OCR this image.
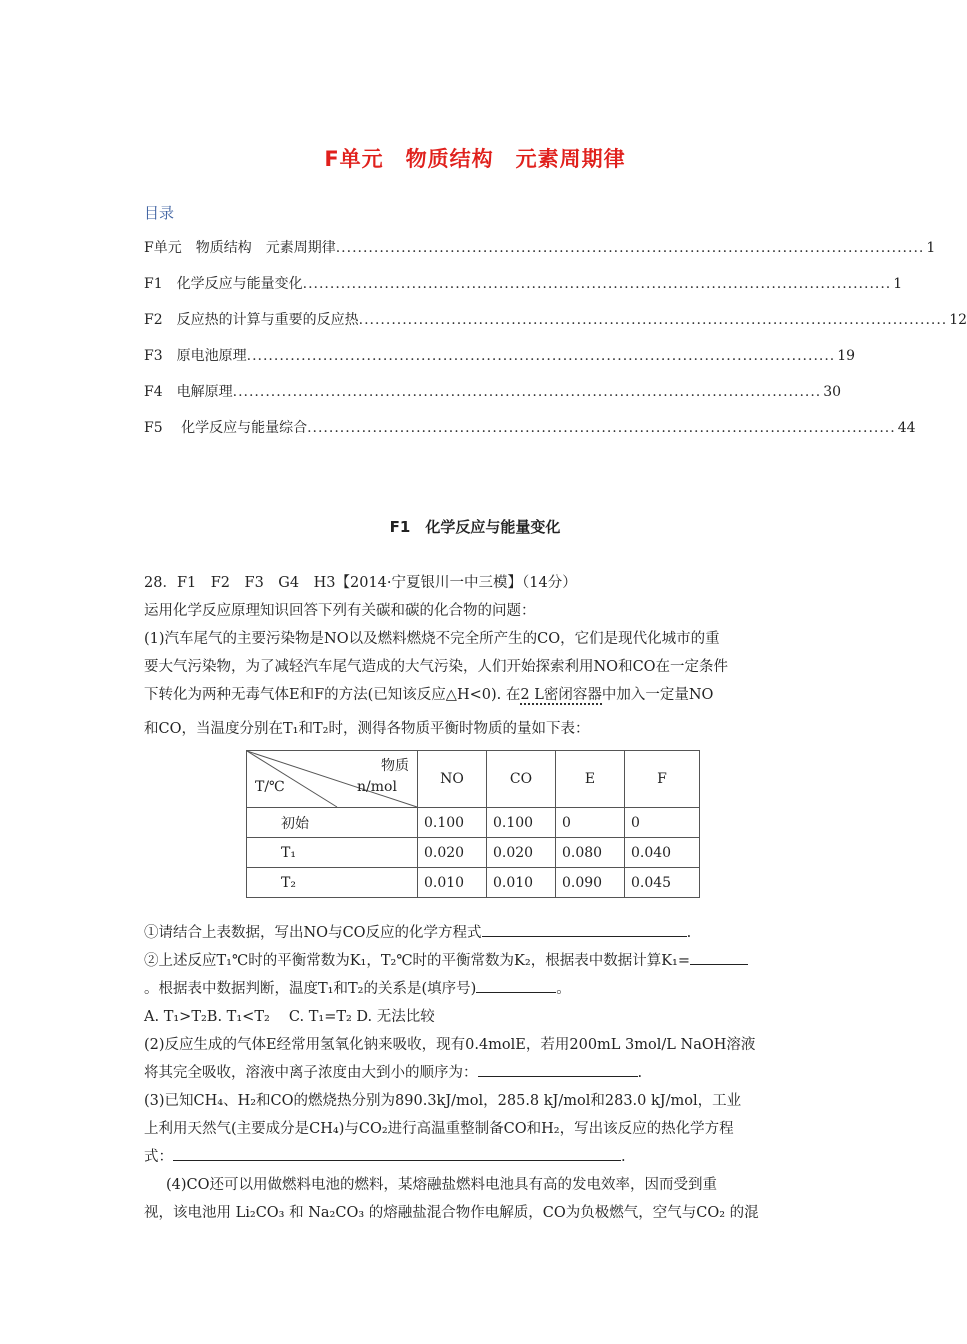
F单元　物质结构　元素周期律
目录
F单元　物质结构　元素周期律 ............................................................................................................ 1
F1　化学反应与能量变化 ............................................................................................................ 1
F2　反应热的计算与重要的反应热 ............................................................................................................ 12
F3　原电池原理 ............................................................................................................ 19
F4　电解原理 ............................................................................................................ 30
F5　 化学反应与能量综合 ............................................................................................................ 44
F1　化学反应与能量变化
28．F1　F2　F3　G4　H3【2014·宁夏银川一中三模】（14分）
运用化学反应原理知识回答下列有关碳和碳的化合物的问题：
(1)汽车尾气的主要污染物是NO以及燃料燃烧不完全所产生的CO，它们是现代化城市的重
要大气污染物，为了减轻汽车尾气造成的大气污染，人们开始探索利用NO和CO在一定条件
下转化为两种无毒气体E和F的方法(已知该反应△H<0). 在2 L密闭容器中加入一定量NO
和CO，当温度分别在T₁和T₂时，测得各物质平衡时物质的量如下表：
物质
T/℃ n/mol	NO	CO	E	F
初始	0.100	0.100	0	0
T₁	0.020	0.020	0.080	0.040
T₂	0.010	0.010	0.090	0.045
①请结合上表数据，写出NO与CO反应的化学方程式	.
②上述反应T₁℃时的平衡常数为K₁，T₂℃时的平衡常数为K₂，根据表中数据计算K₁=
。根据表中数据判断，温度T₁和T₂的关系是(填序号)	。
A. T₁>T₂B. T₁<T₂　 C. T₁=T₂ D. 无法比较
(2)反应生成的气体E经常用氢氧化钠来吸收，现有0.4molE，若用200mL 3mol/L NaOH溶液
将其完全吸收，溶液中离子浓度由大到小的顺序为：	.
(3)已知CH₄、H₂和CO的燃烧热分别为890.3kJ/mol，285.8 kJ/mol和283.0 kJ/mol，工业
上利用天然气(主要成分是CH₄)与CO₂进行高温重整制备CO和H₂，写出该反应的热化学方程
式：	.
(4)CO还可以用做燃料电池的燃料，某熔融盐燃料电池具有高的发电效率，因而受到重
视，该电池用 Li₂CO₃ 和 Na₂CO₃ 的熔融盐混合物作电解质，CO为负极燃气，空气与CO₂ 的混
